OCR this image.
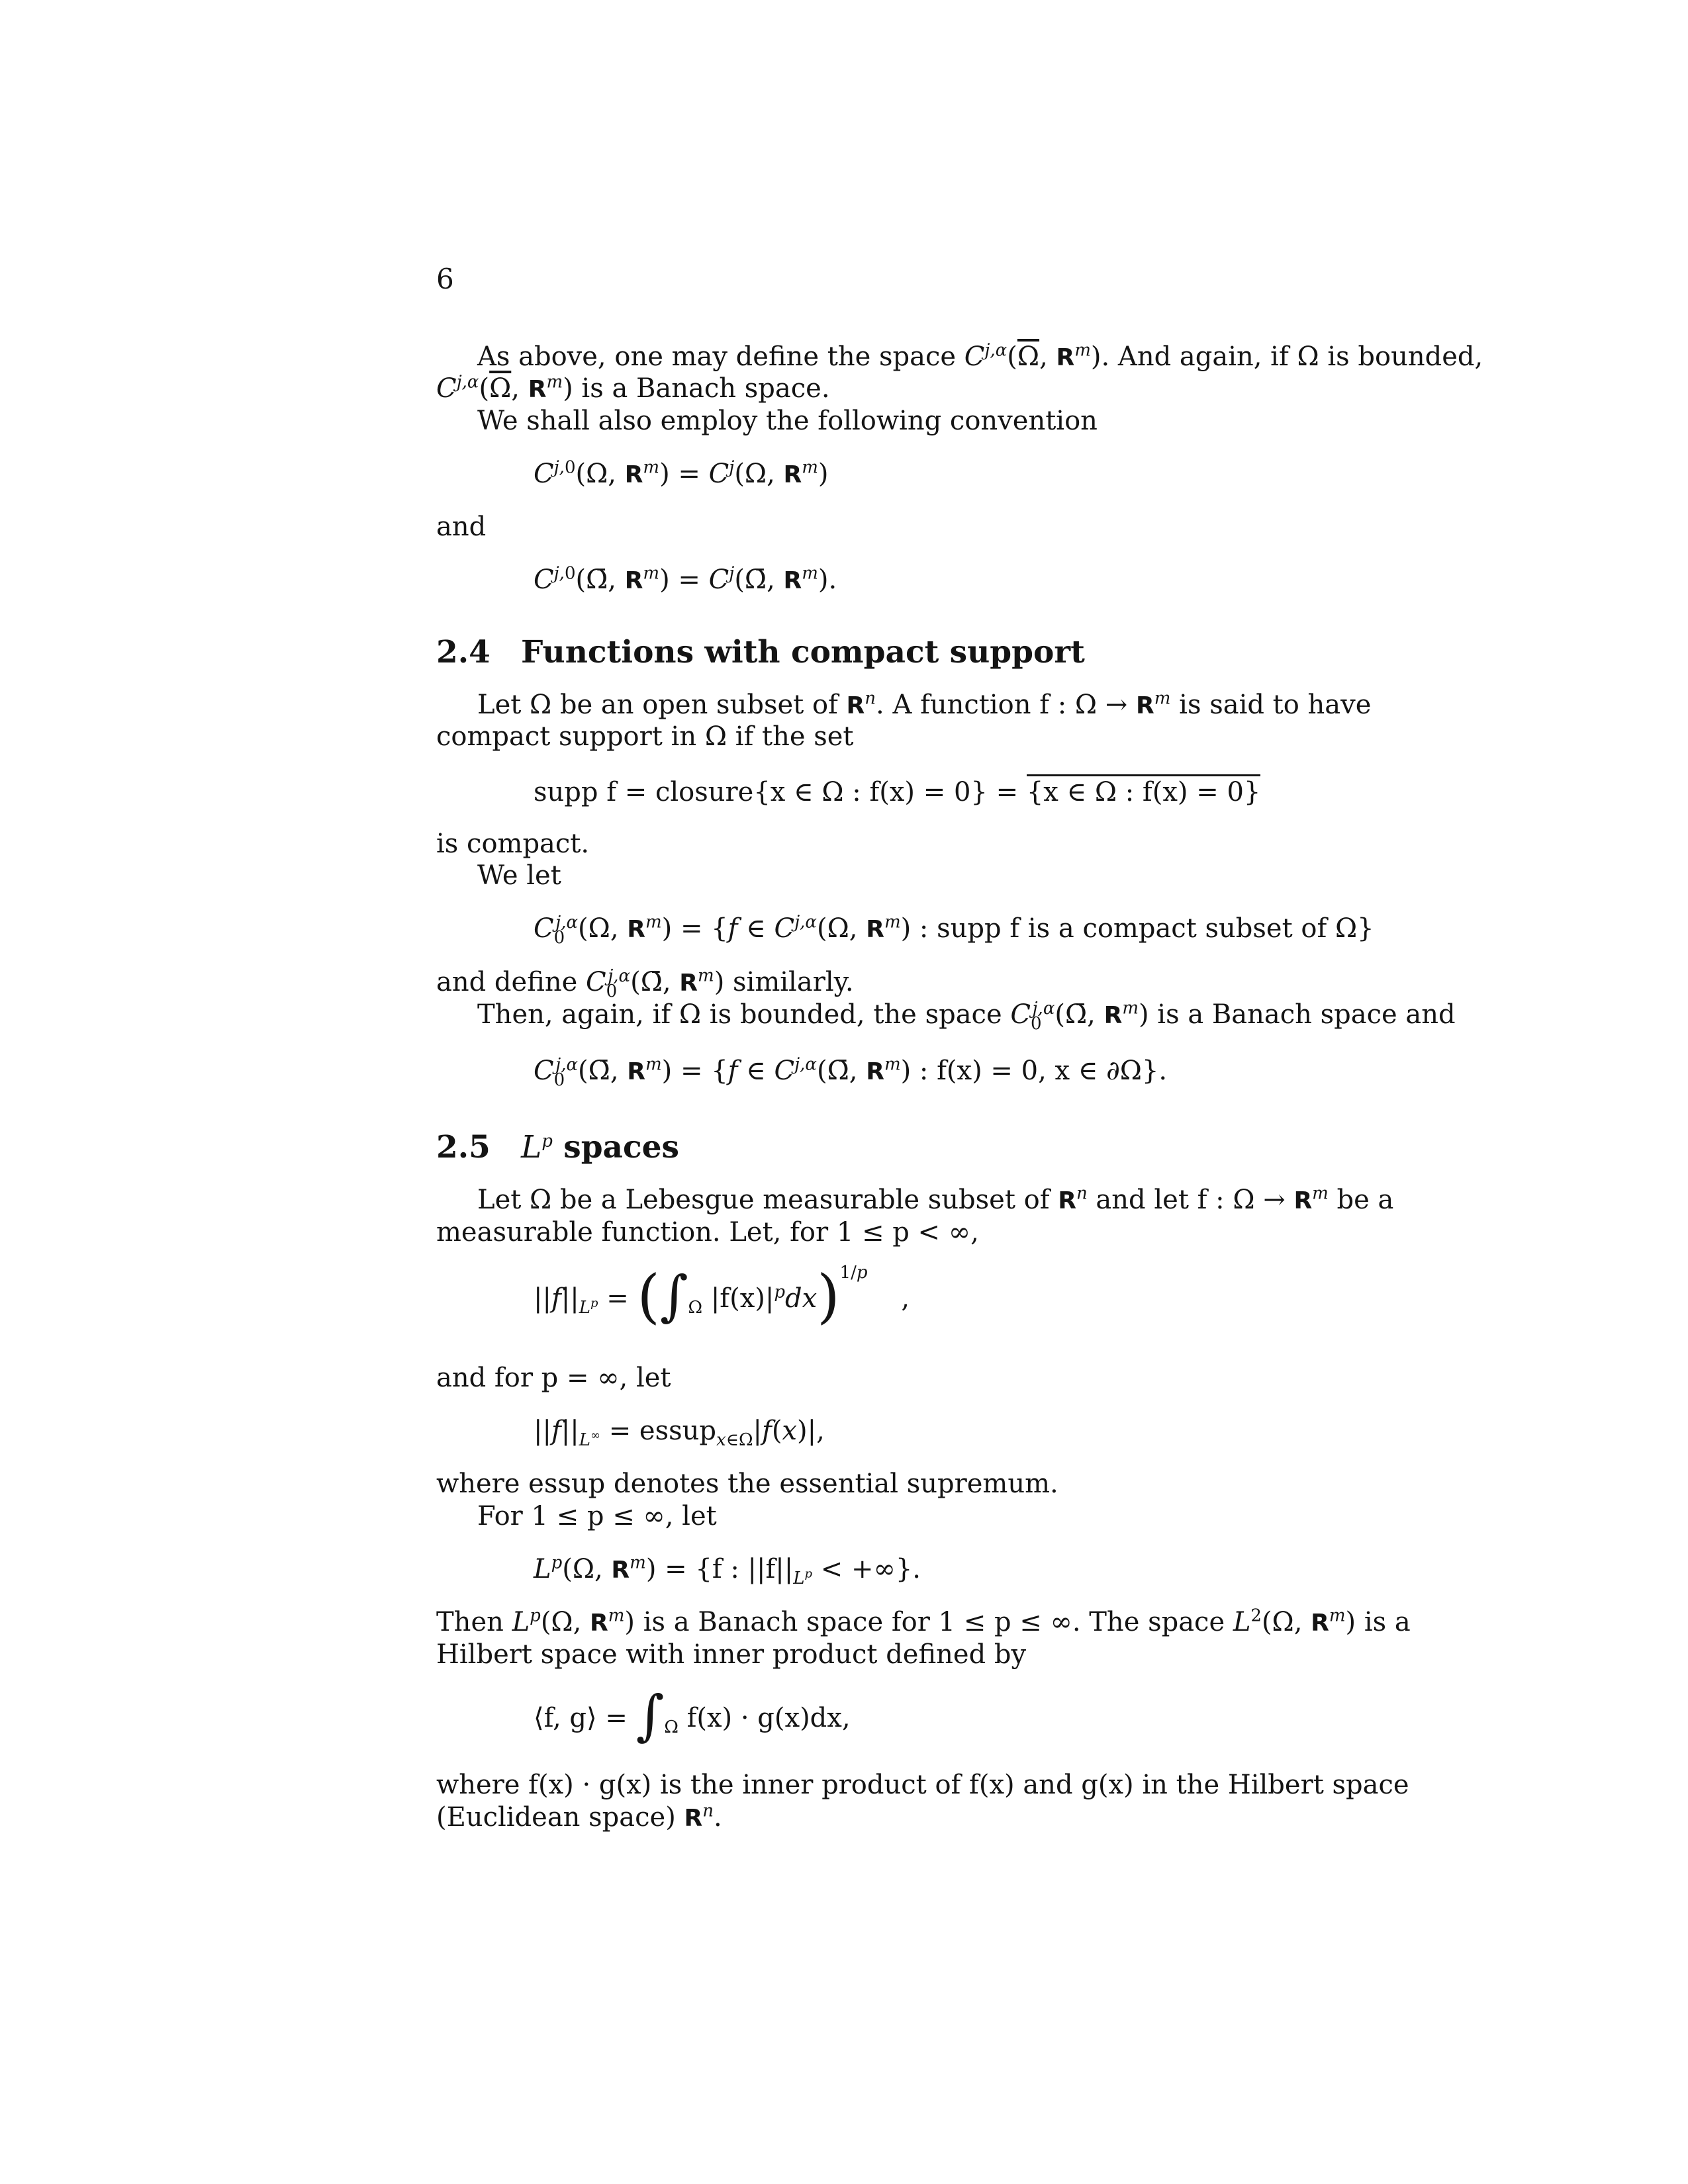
6
As above, one may define the space $C^{j,\alpha}(\overline{\Omega}$, $R^m$). And again, if Ω is bounded,
$C^{j,\alpha}(\overline{\Omega}$, $R^m$) is a Banach space.
We shall also employ the following convention
C$^{j,0}$(Ω, $R^m) = C^j(\Omega$, $R^m$)
and
C$^{j,0}$(Ω̄, $R^m$) = $C^j(\Omegā$, $R^m$).
2.4 Functions with compact support
Let Ω be an open subset of $R^n$. A function f : $\Omega \to R^m$ is said to have
compact support in Ω if the set
supp f = closure{x ∈ Ω : f(x) = 0} = {x ∈ Ω : f(x) = 0}
is compact.
We let
$C_0^{j,\alpha}(\Omega$, $R^m) = \{f$ ∈ $C^{j,\alpha}(\Omega$, $R^m$) : supp f is a compact subset of Ω}
and define $C_0^{j,\alpha}(\Omegā$, $R^m$) similarly.
Then, again, if Ω is bounded, the space $C_0^{j,\alpha}(\Omegā$, $R^m$) is a Banach space and
$C_0^{j,\alpha}(\Omegā$, $R^m) = \{f$ ∈ $C^{j,\alpha}(\Omegā$, $R^m$) : f(x) = 0, x ∈ ∂Ω}.
2.5 $L^p$ spaces
Let Ω be a Lebesgue measurable subset of $R^n$ and let f : $\Omega \to R^m$ be a
measurable function. Let, for 1 ≤ p < ∞,
$||f||_{L^p} = (\int_\Omega$ $|f(x)|^pdx)^{1/p}$    ,
and for p = ∞, let
$||f||_{L^\infty}$ = essup$_{x\in\Omega}$|f(x)|,
where essup denotes the essential supremum.
For 1 ≤ p ≤ ∞, let
$L^p(\Omega$, $R^m) = \{f$ : $||f||_{L^p}$ < +∞}.
Then $L^p(\Omega$, $R^m$) is a Banach space for 1 ≤ p ≤ ∞. The space $L^2(\Omega$, $R^m$) is a
Hilbert space with inner product defined by
⟨f, g⟩ = $\int_\Omega$ f(x) · g(x)dx,
where f(x) · g(x) is the inner product of f(x) and g(x) in the Hilbert space
(Euclidean space) $R^n$.
